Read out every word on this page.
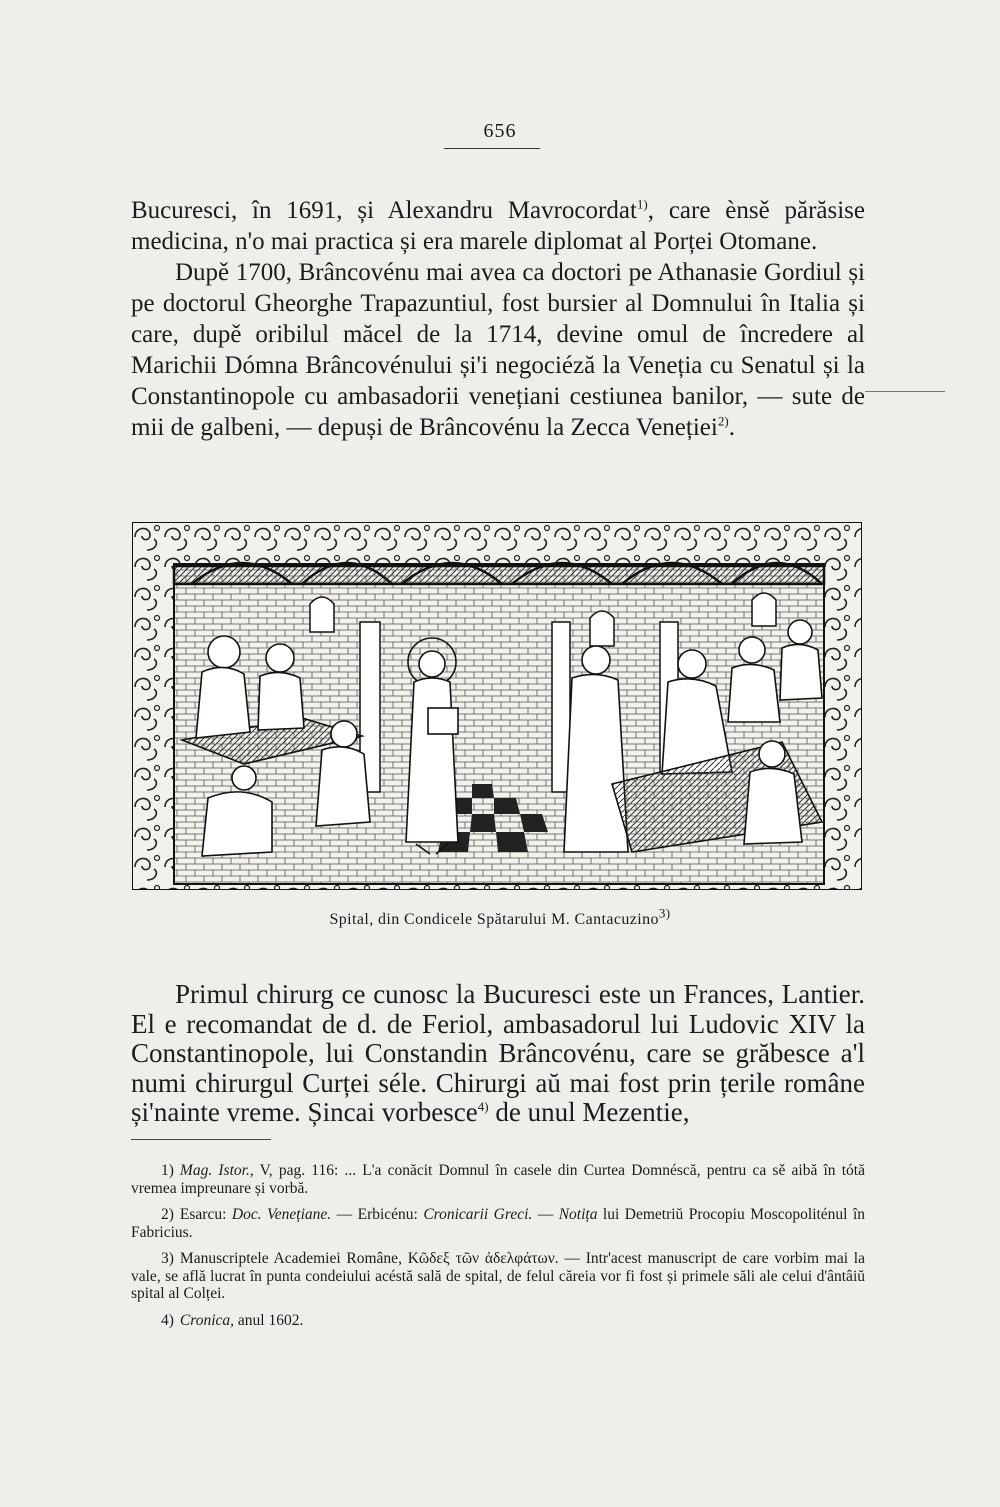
656

Bucuresci, în 1691, și Alexandru Mavrocordat$^{1)}$, care ènsě părăsise medicina, n'o mai practica și era marele diplomat al Porței Otomane.

Dupě 1700, Brâncovénu mai avea ca doctori pe Athanasie Gordiul și pe doctorul Gheorghe Trapazuntiul, fost bursier al Domnului în Italia și care, dupě oribilul măcel de la 1714, devine omul de încredere al Marichii Dómna Brâncovénului și'i negociéză la Veneția cu Senatul și la Constantinopole cu ambasadorii venețiani cestiunea banilor, — sute de mii de galbeni, — depuși de Brâncovénu la Zecca Veneției$^{2)}$.

Spital, din Condicele Spătarului M. Cantacuzino$^{3)}$

Primul chirurg ce cunosc la Bucuresci este un Frances, Lantier. El e recomandat de d. de Feriol, ambasadorul lui Ludovic XIV la Constantinopole, lui Constandin Brâncovénu, care se grăbesce a'l numi chirurgul Curței séle. Chirurgi aŭ mai fost prin țerile române și'nainte vreme. Șincai vorbesce$^{4)}$ de unul Mezentie,

1) Mag. Istor., V, pag. 116: ... L'a conăcit Domnul în casele din Curtea Domnéscă, pentru ca sě aibă în tótă vremea impreunare și vorbă.

2) Esarcu: Doc. Venețiane. — Erbicénu: Cronicarii Greci. — Notița lui Demetriŭ Procopiu Moscopoliténul în Fabricius.

3) Manuscriptele Academiei Române, Κῶδεξ τῶν ἀδελφάτων. — Intr'acest manuscript de care vorbim mai la vale, se află lucrat în punta condeiului acéstă sală de spital, de felul căreia vor fi fost și primele săli ale celui d'ântâiŭ spital al Colței.

4) Cronica, anul 1602.
